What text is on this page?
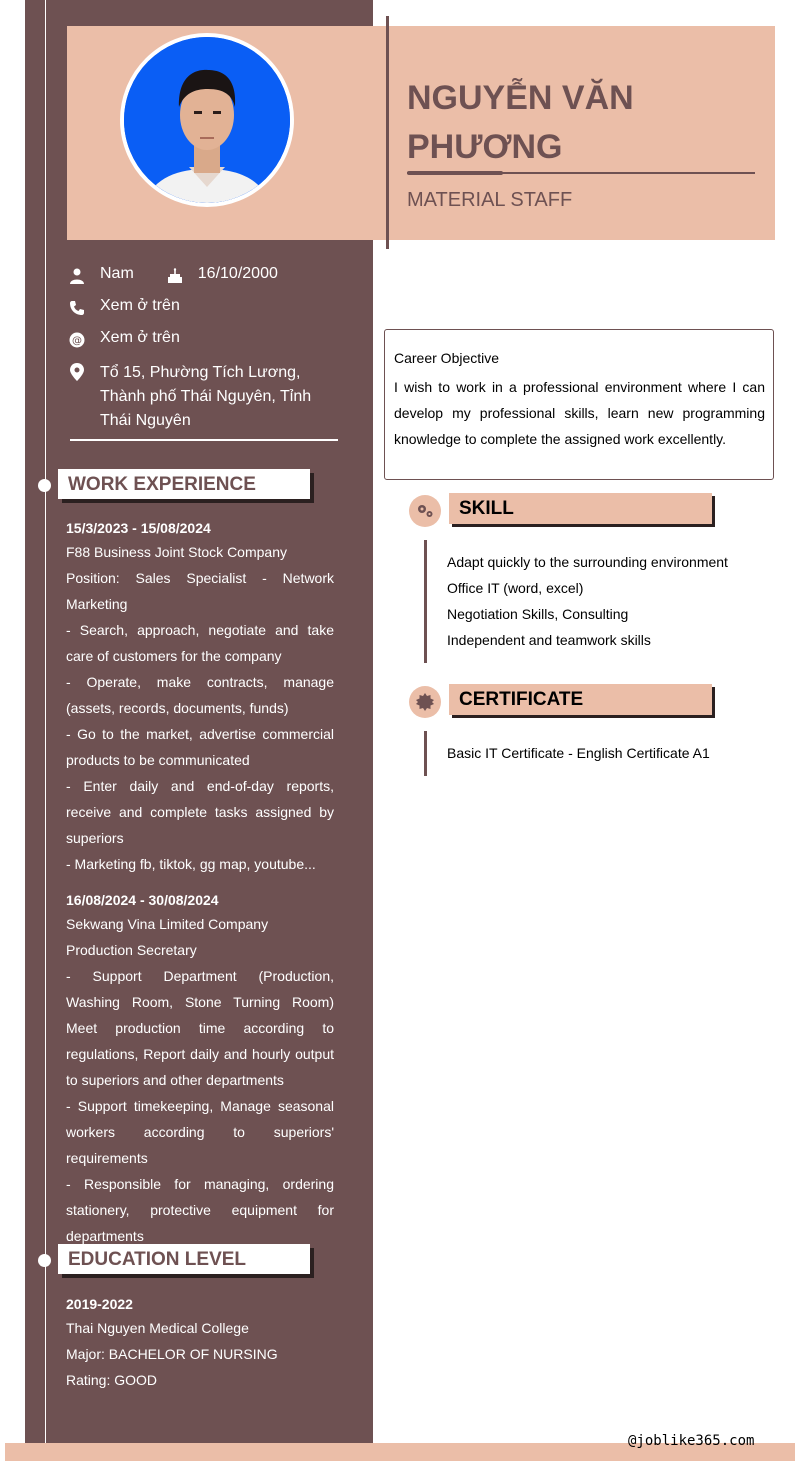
NGUYỄN VĂN PHƯƠNG
MATERIAL STAFF
Nam	16/10/2000
Xem ở trên
@ Xem ở trên
Tổ 15, Phường Tích Lương, Thành phố Thái Nguyên, Tỉnh Thái Nguyên
WORK EXPERIENCE
15/3/2023 - 15/08/2024
F88 Business Joint Stock Company
Position: Sales Specialist - Network Marketing
- Search, approach, negotiate and take care of customers for the company
- Operate, make contracts, manage (assets, records, documents, funds)
- Go to the market, advertise commercial products to be communicated
- Enter daily and end-of-day reports, receive and complete tasks assigned by superiors
- Marketing fb, tiktok, gg map, youtube...
16/08/2024 - 30/08/2024
Sekwang Vina Limited Company
Production Secretary
- Support Department (Production, Washing Room, Stone Turning Room) Meet production time according to regulations, Report daily and hourly output to superiors and other departments
- Support timekeeping, Manage seasonal workers according to superiors' requirements
- Responsible for managing, ordering stationery, protective equipment for departments
EDUCATION LEVEL
2019-2022
Thai Nguyen Medical College
Major: BACHELOR OF NURSING
Rating: GOOD
Career Objective
I wish to work in a professional environment where I can develop my professional skills, learn new programming knowledge to complete the assigned work excellently.
SKILL
Adapt quickly to the surrounding environment
Office IT (word, excel)
Negotiation Skills, Consulting
Independent and teamwork skills
CERTIFICATE
Basic IT Certificate - English Certificate A1
@joblike365.com
